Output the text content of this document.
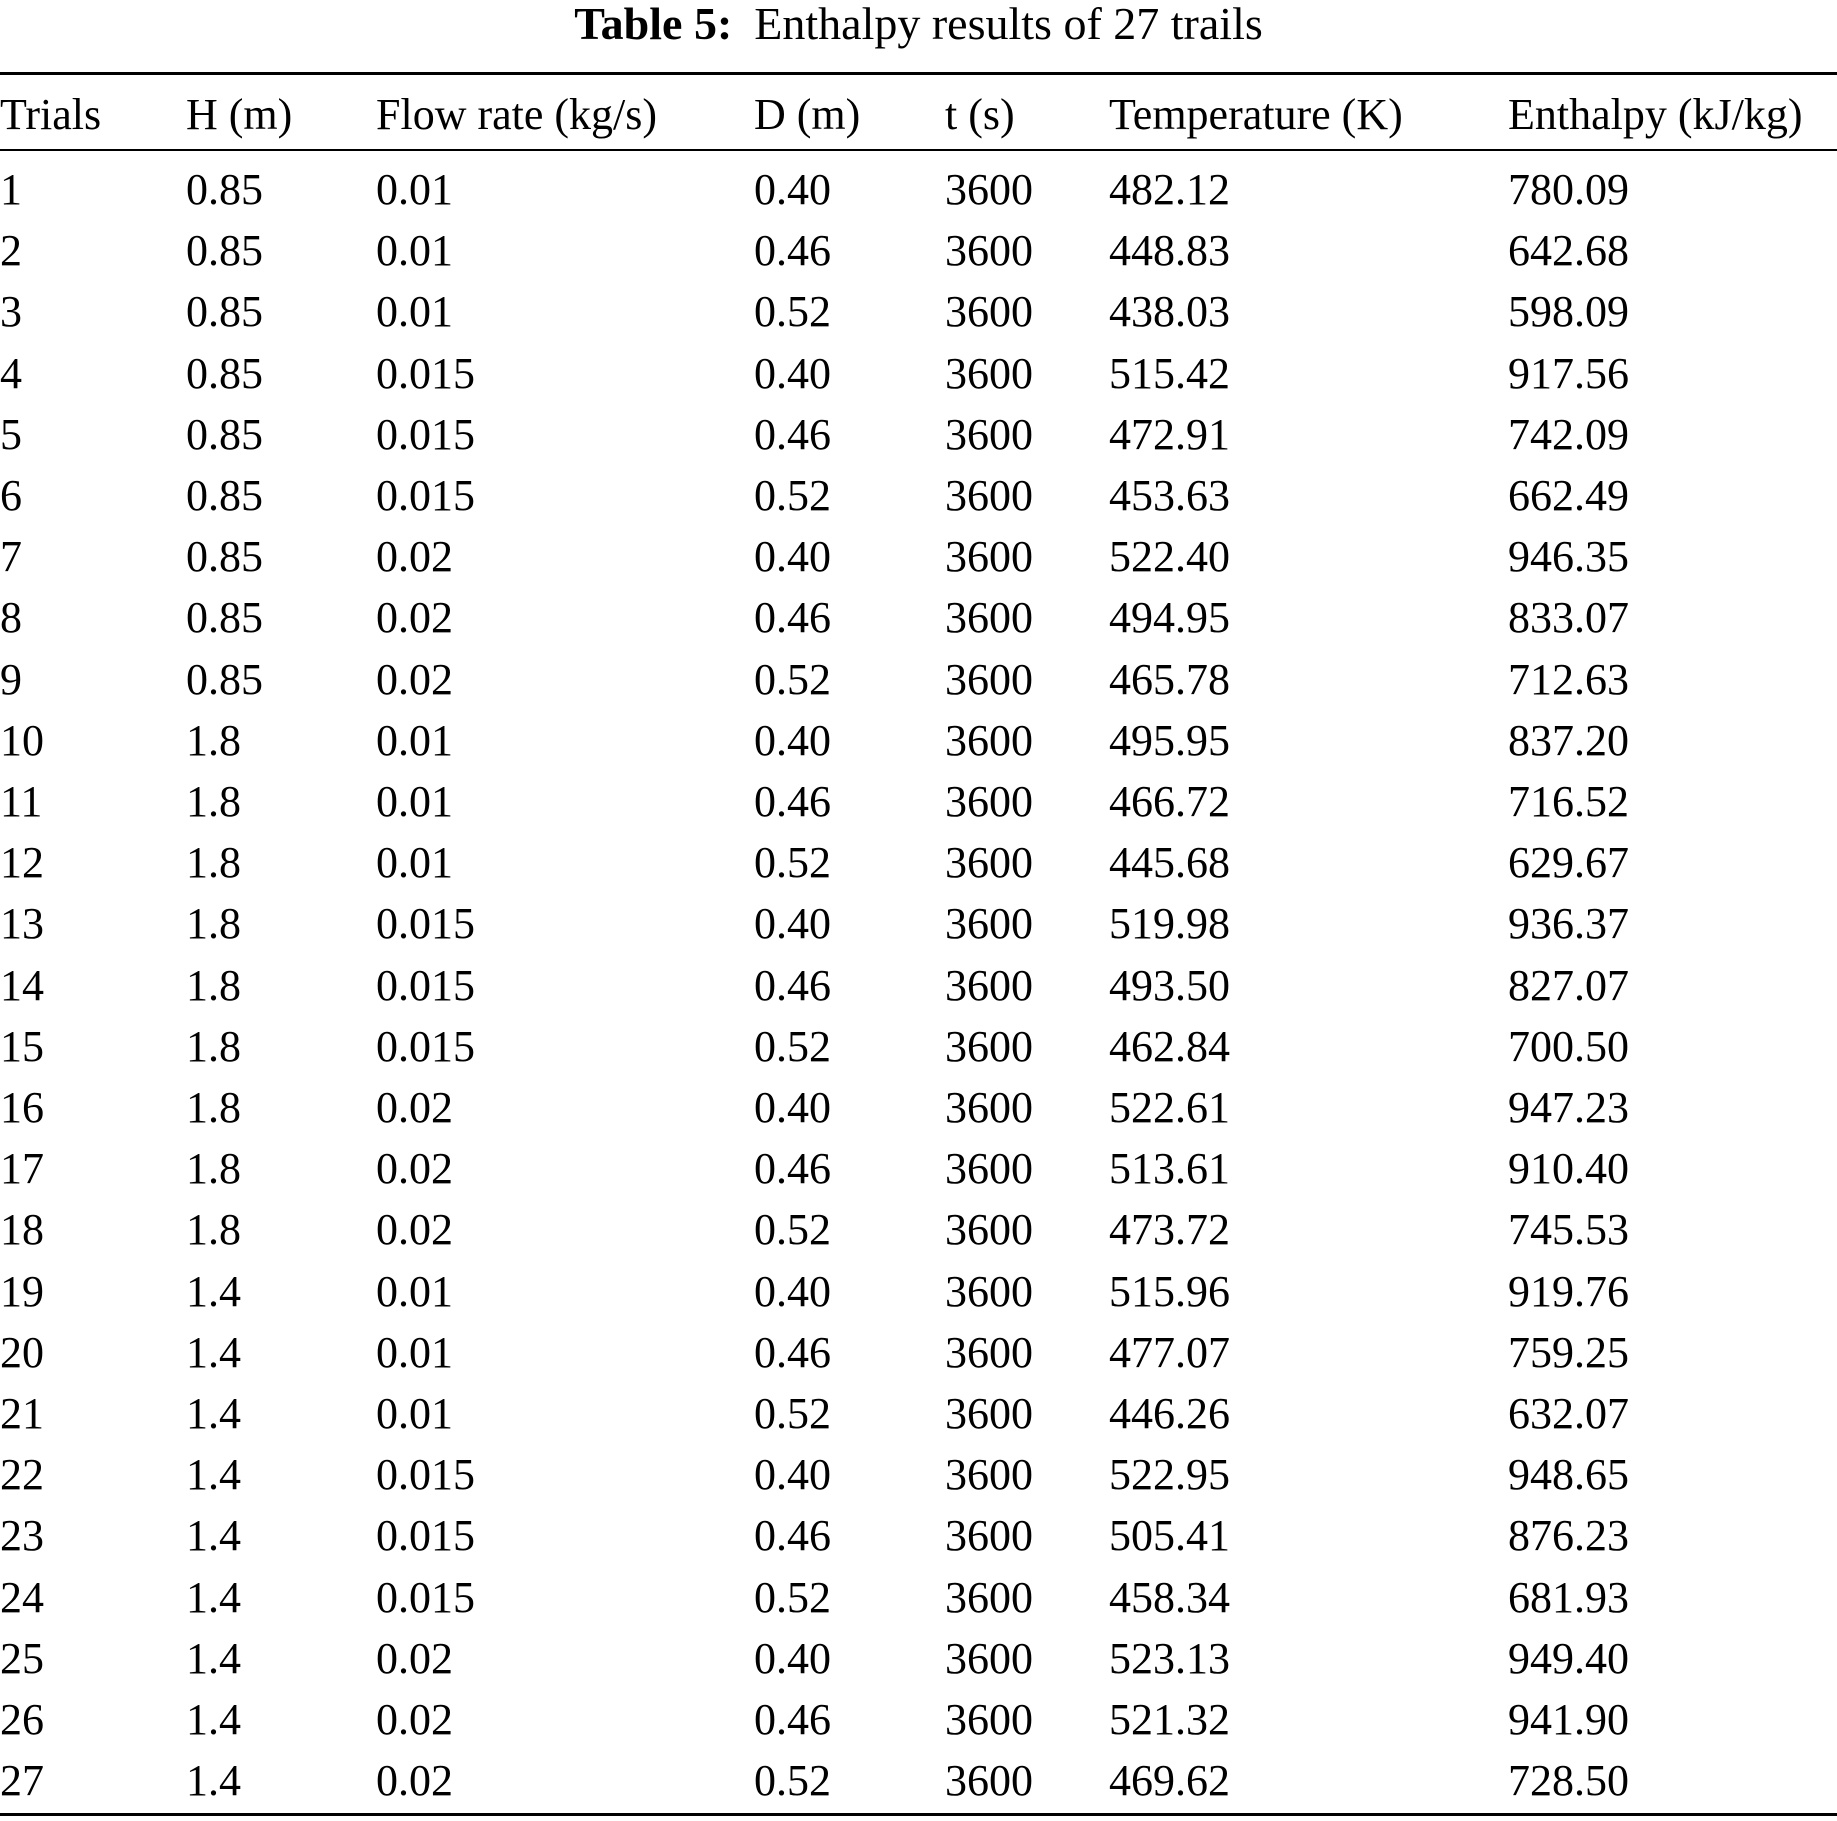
Table 5: Enthalpy results of 27 trails
Trials	H (m)	Flow rate (kg/s)	D (m)	t (s)	Temperature (K)	Enthalpy (kJ/kg)
1	0.85	0.01	0.40	3600	482.12	780.09
2	0.85	0.01	0.46	3600	448.83	642.68
3	0.85	0.01	0.52	3600	438.03	598.09
4	0.85	0.015	0.40	3600	515.42	917.56
5	0.85	0.015	0.46	3600	472.91	742.09
6	0.85	0.015	0.52	3600	453.63	662.49
7	0.85	0.02	0.40	3600	522.40	946.35
8	0.85	0.02	0.46	3600	494.95	833.07
9	0.85	0.02	0.52	3600	465.78	712.63
10	1.8	0.01	0.40	3600	495.95	837.20
11	1.8	0.01	0.46	3600	466.72	716.52
12	1.8	0.01	0.52	3600	445.68	629.67
13	1.8	0.015	0.40	3600	519.98	936.37
14	1.8	0.015	0.46	3600	493.50	827.07
15	1.8	0.015	0.52	3600	462.84	700.50
16	1.8	0.02	0.40	3600	522.61	947.23
17	1.8	0.02	0.46	3600	513.61	910.40
18	1.8	0.02	0.52	3600	473.72	745.53
19	1.4	0.01	0.40	3600	515.96	919.76
20	1.4	0.01	0.46	3600	477.07	759.25
21	1.4	0.01	0.52	3600	446.26	632.07
22	1.4	0.015	0.40	3600	522.95	948.65
23	1.4	0.015	0.46	3600	505.41	876.23
24	1.4	0.015	0.52	3600	458.34	681.93
25	1.4	0.02	0.40	3600	523.13	949.40
26	1.4	0.02	0.46	3600	521.32	941.90
27	1.4	0.02	0.52	3600	469.62	728.50
